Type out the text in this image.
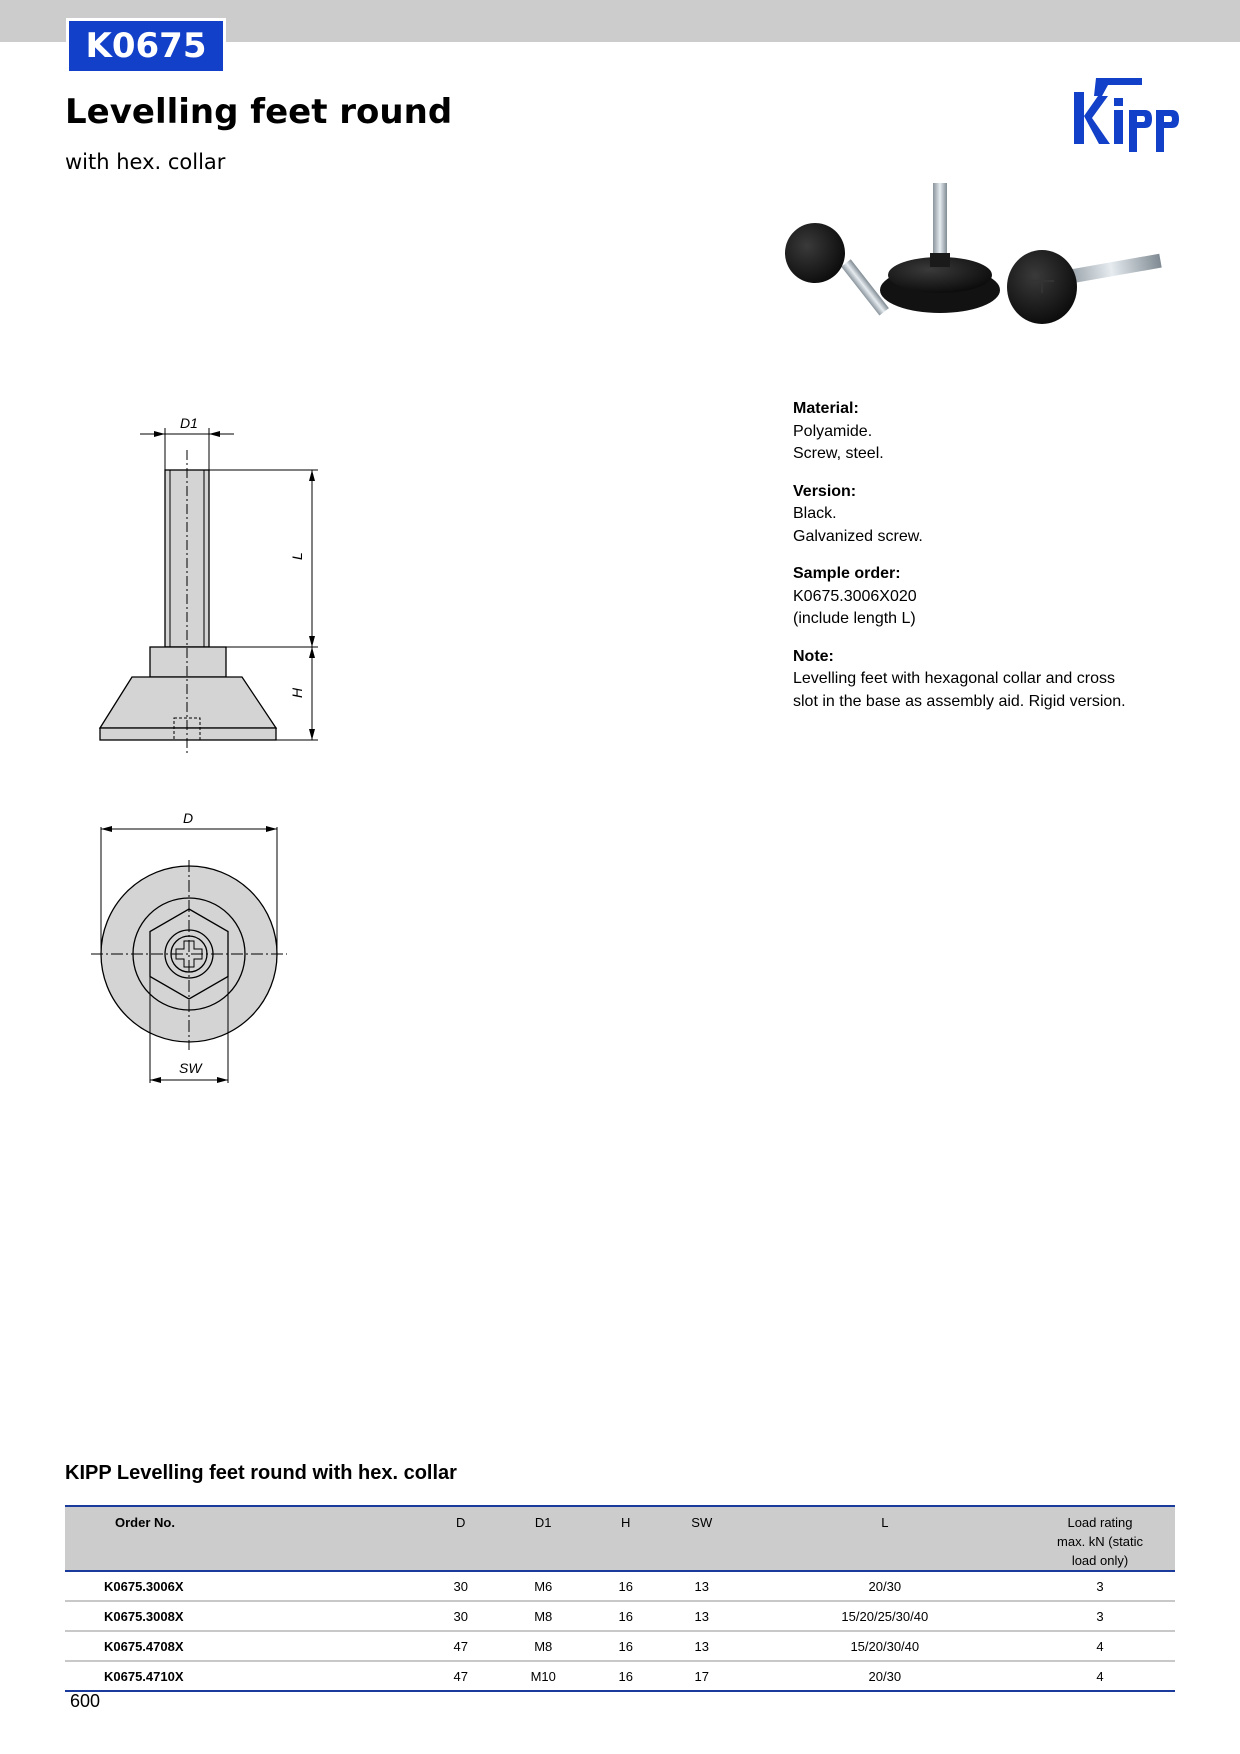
K0675
Levelling feet round

with hex. collar

D1
L
H
D
SW
Material:
Polyamide.
Screw, steel.
Version:
Black.
Galvanized screw.
Sample order:
K0675.3006X020
(include length L)
Note:
Levelling feet with hexagonal collar and cross
slot in the base as assembly aid. Rigid version.
KIPP Levelling feet round with hex. collar
Order No.	D	D1	H	SW	L	Load rating
max. kN (static
load only)
K0675.3006X	30	M6	16	13	20/30	3
K0675.3008X	30	M8	16	13	15/20/25/30/40	3
K0675.4708X	47	M8	16	13	15/20/30/40	4
K0675.4710X	47	M10	16	17	20/30	4
600
